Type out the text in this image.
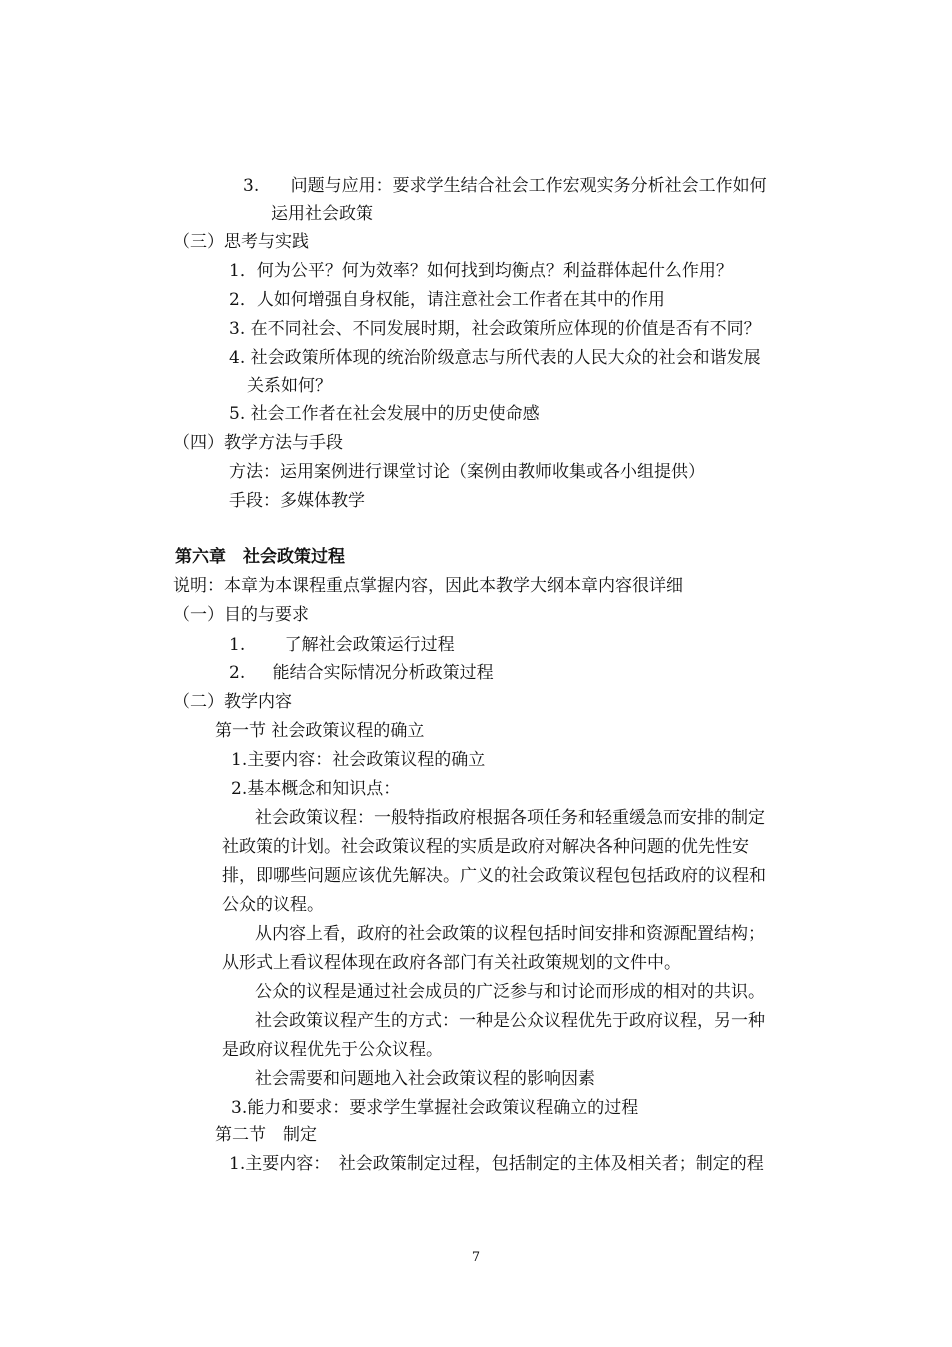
3. 问题与应用：要求学生结合社会工作宏观实务分析社会工作如何
运用社会政策
（三）思考与实践
1．何为公平？何为效率？如何找到均衡点？利益群体起什么作用？
2．人如何增强自身权能，请注意社会工作者在其中的作用
3. 在不同社会、不同发展时期，社会政策所应体现的价值是否有不同？
4. 社会政策所体现的统治阶级意志与所代表的人民大众的社会和谐发展
关系如何？
5. 社会工作者在社会发展中的历史使命感
（四）教学方法与手段
方法：运用案例进行课堂讨论（案例由教师收集或各小组提供）
手段：多媒体教学
第六章　社会政策过程
说明：本章为本课程重点掌握内容，因此本教学大纲本章内容很详细
（一）目的与要求
1. 了解社会政策运行过程
2. 能结合实际情况分析政策过程
（二）教学内容
第一节 社会政策议程的确立
1.主要内容：社会政策议程的确立
2.基本概念和知识点：
社会政策议程：一般特指政府根据各项任务和轻重缓急而安排的制定
社政策的计划。社会政策议程的实质是政府对解决各种问题的优先性安
排，即哪些问题应该优先解决。广义的社会政策议程包包括政府的议程和
公众的议程。
从内容上看，政府的社会政策的议程包括时间安排和资源配置结构；
从形式上看议程体现在政府各部门有关社政策规划的文件中。
公众的议程是通过社会成员的广泛参与和讨论而形成的相对的共识。
社会政策议程产生的方式：一种是公众议程优先于政府议程，另一种
是政府议程优先于公众议程。
社会需要和问题地入社会政策议程的影响因素
3.能力和要求：要求学生掌握社会政策议程确立的过程
第二节　制定
1.主要内容：　社会政策制定过程，包括制定的主体及相关者；制定的程
7
